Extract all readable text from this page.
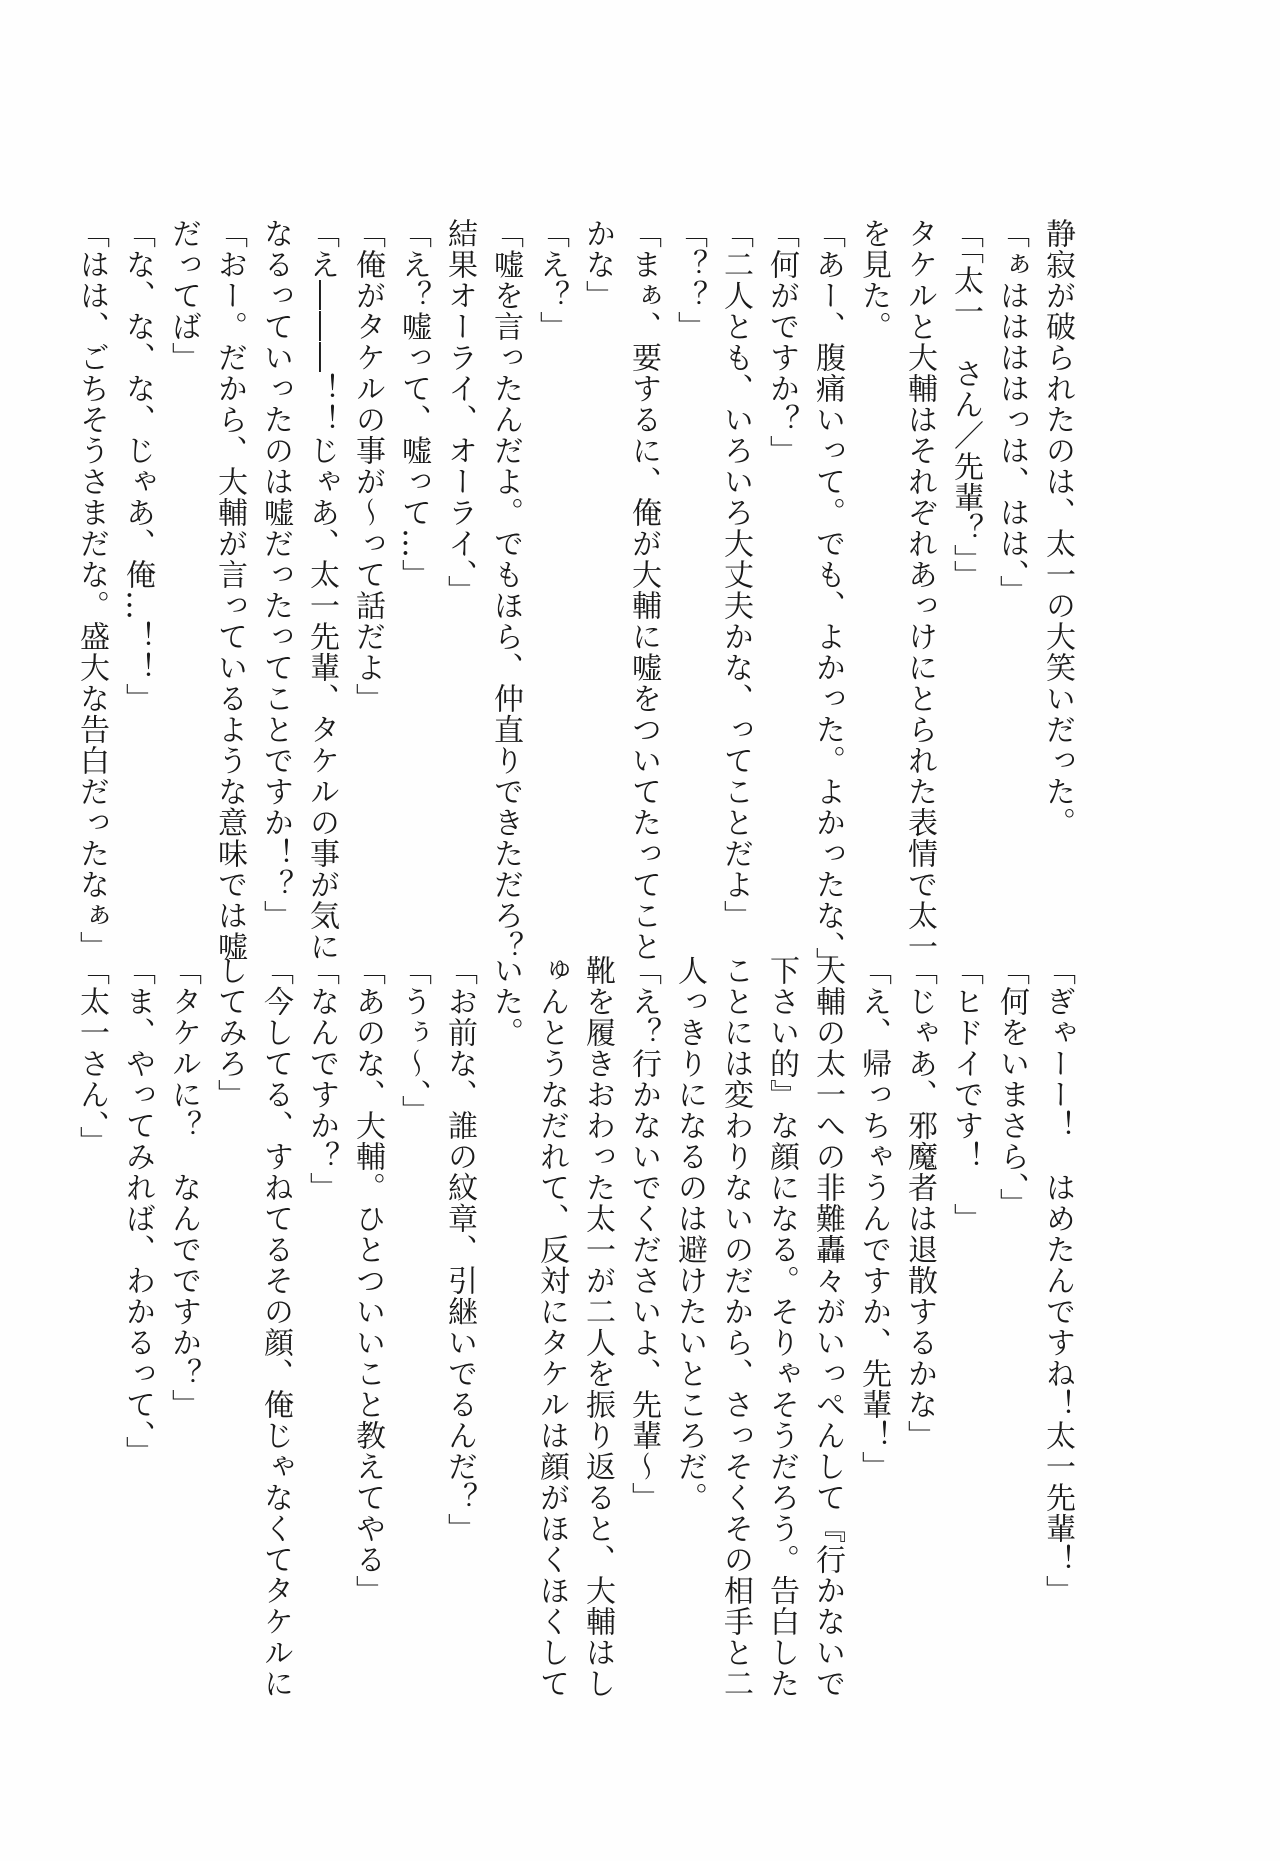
静寂が破られたのは、太一の大笑いだった。
「ぁははははっは、はは、」
「「太一　さん／先輩？」」
タケルと大輔はそれぞれあっけにとられた表情で太一
を見た。
「あー、腹痛いって。でも、よかった。よかったな、」
「何がですか？」
「二人とも、いろいろ大丈夫かな、ってことだよ」
「？？」
「まぁ、要するに、俺が大輔に嘘をついてたってこと
かな」
「え？」
「嘘を言ったんだよ。でもほら、仲直りできただろ？
結果オーライ、オーライ、」
「え？嘘って、嘘って…」
「俺がタケルの事が〜って話だよ」
「え―――！！じゃあ、太一先輩、タケルの事が気に
なるっていったのは嘘だったってことですか！？」
「おー。だから、大輔が言っているような意味では嘘
だってば」
「な、な、な、じゃあ、俺…！！」
「はは、ごちそうさまだな。盛大な告白だったなぁ」
「ぎゃーー！　はめたんですね！太一先輩！」
「何をいまさら、」
「ヒドイです！　」
「じゃあ、邪魔者は退散するかな」
「え、帰っちゃうんですか、先輩！」
大輔の太一への非難轟々がいっぺんして『行かないで
下さい的』な顔になる。そりゃそうだろう。告白した
ことには変わりないのだから、さっそくその相手と二
人っきりになるのは避けたいところだ。
「え？行かないでくださいよ、先輩〜」
靴を履きおわった太一が二人を振り返ると、大輔はし
ゅんとうなだれて、反対にタケルは顔がほくほくして
いた。
「お前な、誰の紋章、引継いでるんだ？」
「うぅ〜、」
「あのな、大輔。ひとついいこと教えてやる」
「なんですか？」
「今してる、すねてるその顔、俺じゃなくてタケルに
してみろ」
「タケルに？　なんでですか？」
「ま、やってみれば、わかるって、」
「太一さん、」
